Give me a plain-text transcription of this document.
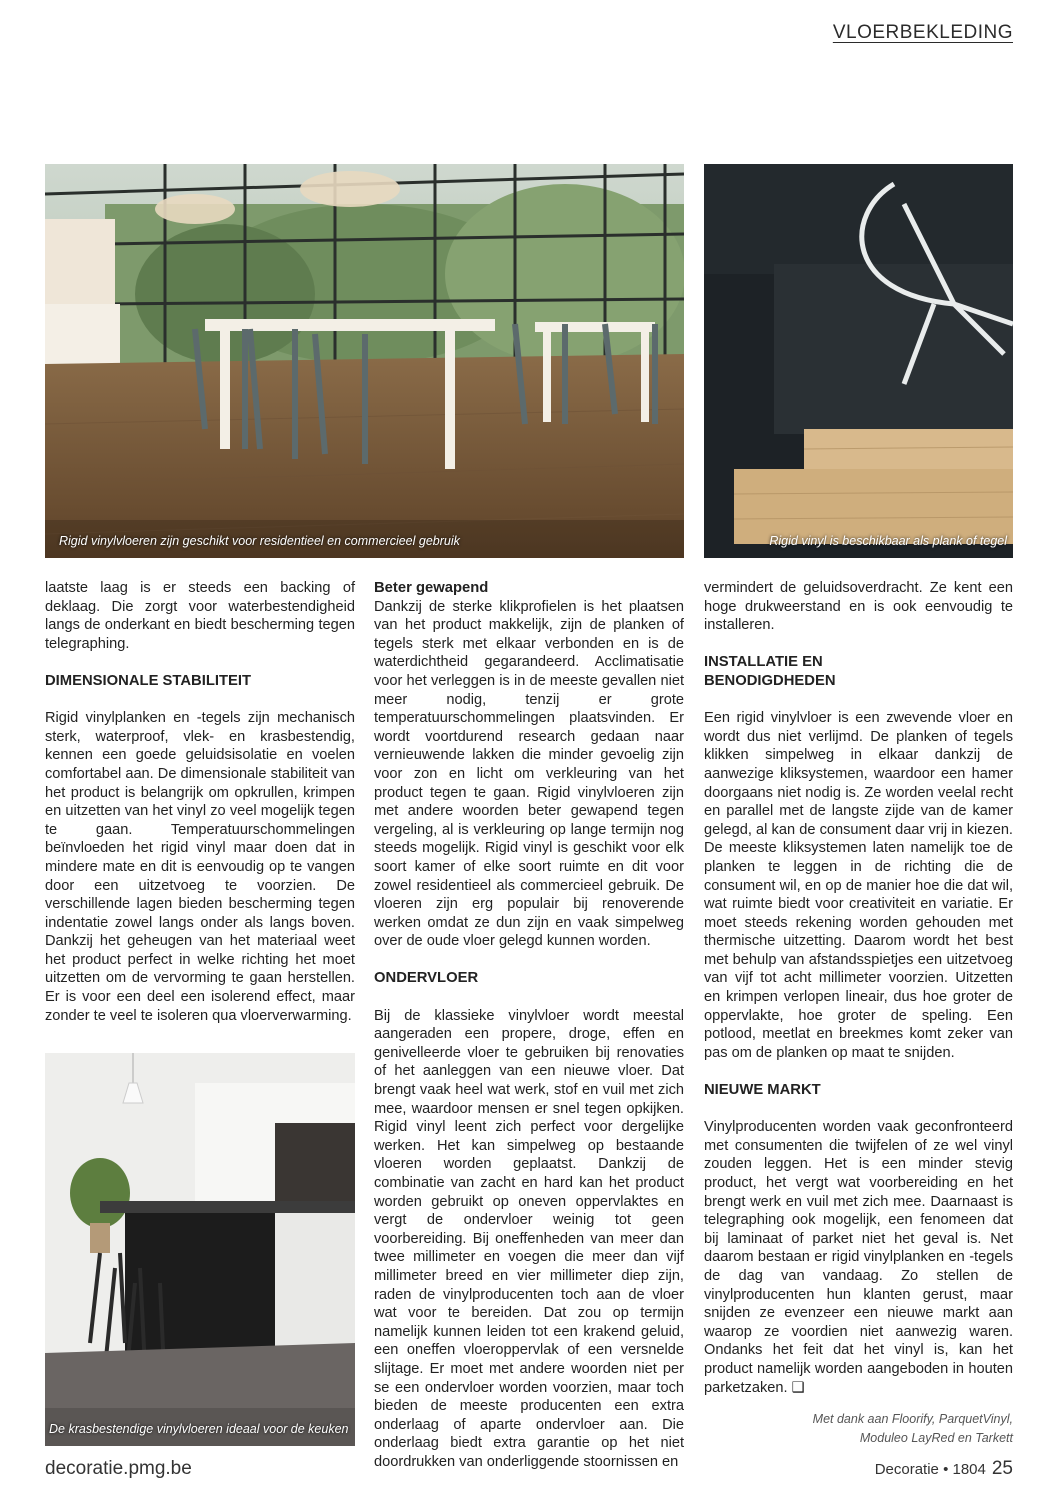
VLOERBEKLEDING
Rigid vinylvloeren zijn geschikt voor residentieel en commercieel gebruik	Rigid vinyl is beschikbaar als plank of tegel
De krasbestendige vinylvloeren ideaal voor de keuken

laatste laag is er steeds een backing of deklaag. Die zorgt voor waterbestendigheid langs de onderkant en biedt bescherming tegen telegraphing.

DIMENSIONALE STABILITEIT

Rigid vinylplanken en -tegels zijn mechanisch sterk, waterproof, vlek- en krasbestendig, kennen een goede geluidsisolatie en voelen comfortabel aan. De dimensionale stabiliteit van het product is belangrijk om opkrullen, krimpen en uitzetten van het vinyl zo veel mogelijk tegen te gaan. Temperatuurschommelingen beïnvloeden het rigid vinyl maar doen dat in mindere mate en dit is eenvoudig op te vangen door een uitzetvoeg te voorzien. De verschillende lagen bieden bescherming tegen indentatie zowel langs onder als langs boven. Dankzij het geheugen van het materiaal weet het product perfect in welke richting het moet uitzetten om de vervorming te gaan herstellen. Er is voor een deel een isolerend effect, maar zonder te veel te isoleren qua vloerverwarming.

Beter gewapend

Dankzij de sterke klikprofielen is het plaatsen van het product makkelijk, zijn de planken of tegels sterk met elkaar verbonden en is de waterdichtheid gegarandeerd. Acclimatisatie voor het verleggen is in de meeste gevallen niet meer nodig, tenzij er grote temperatuurschommelingen plaatsvinden. Er wordt voortdurend research gedaan naar vernieuwende lakken die minder gevoelig zijn voor zon en licht om verkleuring van het product tegen te gaan. Rigid vinylvloeren zijn met andere woorden beter gewapend tegen vergeling, al is verkleuring op lange termijn nog steeds mogelijk. Rigid vinyl is geschikt voor elk soort kamer of elke soort ruimte en dit voor zowel residentieel als commercieel gebruik. De vloeren zijn erg populair bij renoverende werken omdat ze dun zijn en vaak simpelweg over de oude vloer gelegd kunnen worden.

ONDERVLOER

Bij de klassieke vinylvloer wordt meestal aangeraden een propere, droge, effen en genivelleerde vloer te gebruiken bij renovaties of het aanleggen van een nieuwe vloer. Dat brengt vaak heel wat werk, stof en vuil met zich mee, waardoor mensen er snel tegen opkijken. Rigid vinyl leent zich perfect voor dergelijke werken. Het kan simpelweg op bestaande vloeren worden geplaatst. Dankzij de combinatie van zacht en hard kan het product worden gebruikt op oneven oppervlaktes en vergt de ondervloer weinig tot geen voorbereiding. Bij oneffenheden van meer dan twee millimeter en voegen die meer dan vijf millimeter breed en vier millimeter diep zijn, raden de vinylproducenten toch aan de vloer wat voor te bereiden. Dat zou op termijn namelijk kunnen leiden tot een krakend geluid, een oneffen vloeroppervlak of een versnelde slijtage. Er moet met andere woorden niet per se een ondervloer worden voorzien, maar toch bieden de meeste producenten een extra onderlaag of aparte ondervloer aan. Die onderlaag biedt extra garantie op het niet doordrukken van onderliggende stoornissen en

vermindert de geluidsoverdracht. Ze kent een hoge drukweerstand en is ook eenvoudig te installeren.

INSTALLATIE EN
BENODIGDHEDEN

Een rigid vinylvloer is een zwevende vloer en wordt dus niet verlijmd. De planken of tegels klikken simpelweg in elkaar dankzij de aanwezige kliksystemen, waardoor een hamer doorgaans niet nodig is. Ze worden veelal recht en parallel met de langste zijde van de kamer gelegd, al kan de consument daar vrij in kiezen. De meeste kliksystemen laten namelijk toe de planken te leggen in de richting die de consument wil, en op de manier hoe die dat wil, wat ruimte biedt voor creativiteit en variatie. Er moet steeds rekening worden gehouden met thermische uitzetting. Daarom wordt het best met behulp van afstandsspietjes een uitzetvoeg van vijf tot acht millimeter voorzien. Uitzetten en krimpen verlopen lineair, dus hoe groter de oppervlakte, hoe groter de speling. Een potlood, meetlat en breekmes komt zeker van pas om de planken op maat te snijden.

NIEUWE MARKT

Vinylproducenten worden vaak geconfronteerd met consumenten die twijfelen of ze wel vinyl zouden leggen. Het is een minder stevig product, het vergt wat voorbereiding en het brengt werk en vuil met zich mee. Daarnaast is telegraphing ook mogelijk, een fenomeen dat bij laminaat of parket niet het geval is. Net daarom bestaan er rigid vinylplanken en -tegels de dag van vandaag. Zo stellen de vinylproducenten hun klanten gerust, maar snijden ze evenzeer een nieuwe markt aan waarop ze voordien niet aanwezig waren. Ondanks het feit dat het vinyl is, kan het product namelijk worden aangeboden in houten parketzaken. ❑

Met dank aan Floorify, ParquetVinyl,
Moduleo LayRed en Tarkett
decoratie.pmg.be	Decoratie • 1804 25
